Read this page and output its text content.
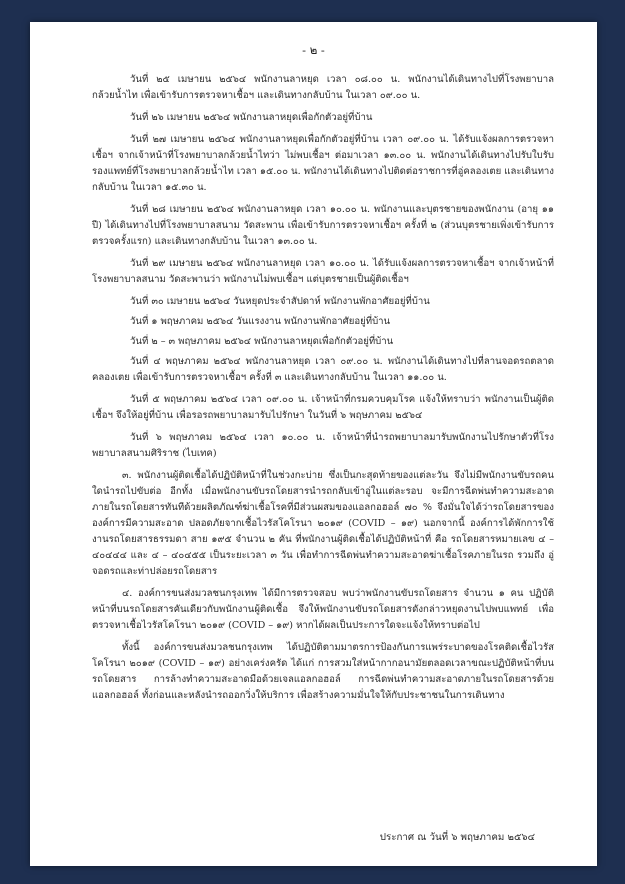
- ๒ -

วันที่ ๒๕ เมษายน ๒๕๖๔ พนักงานลาหยุด เวลา ๐๘.๐๐ น. พนักงานได้เดินทางไปที่โรงพยาบาลกล้วยน้ำไท เพื่อเข้ารับการตรวจหาเชื้อฯ และเดินทางกลับบ้าน ในเวลา ๐๙.๐๐ น.

วันที่ ๒๖ เมษายน ๒๕๖๔ พนักงานลาหยุดเพื่อกักตัวอยู่ที่บ้าน

วันที่ ๒๗ เมษายน ๒๕๖๔ พนักงานลาหยุดเพื่อกักตัวอยู่ที่บ้าน เวลา ๐๙.๐๐ น. ได้รับแจ้งผลการตรวจหาเชื้อฯ จากเจ้าหน้าที่โรงพยาบาลกล้วยน้ำไทว่า ไม่พบเชื้อฯ ต่อมาเวลา ๑๓.๐๐ น. พนักงานได้เดินทางไปรับใบรับรองแพทย์ที่โรงพยาบาลกล้วยน้ำไท เวลา ๑๕.๐๐ น. พนักงานได้เดินทางไปติดต่อราชการที่อู่คลองเตย และเดินทางกลับบ้าน ในเวลา ๑๕.๓๐ น.

วันที่ ๒๘ เมษายน ๒๕๖๔ พนักงานลาหยุด เวลา ๑๐.๐๐ น. พนักงานและบุตรชายของพนักงาน (อายุ ๑๑ ปี) ได้เดินทางไปที่โรงพยาบาลสนาม วัดสะพาน เพื่อเข้ารับการตรวจหาเชื้อฯ ครั้งที่ ๒ (ส่วนบุตรชายเพิ่งเข้ารับการตรวจครั้งแรก) และเดินทางกลับบ้าน ในเวลา ๑๓.๐๐ น.

วันที่ ๒๙ เมษายน ๒๕๖๔ พนักงานลาหยุด เวลา ๑๐.๐๐ น. ได้รับแจ้งผลการตรวจหาเชื้อฯ จากเจ้าหน้าที่โรงพยาบาลสนาม วัดสะพานว่า พนักงานไม่พบเชื้อฯ แต่บุตรชายเป็นผู้ติดเชื้อฯ

วันที่ ๓๐ เมษายน ๒๕๖๔ วันหยุดประจำสัปดาห์ พนักงานพักอาศัยอยู่ที่บ้าน

วันที่ ๑ พฤษภาคม ๒๕๖๔ วันแรงงาน พนักงานพักอาศัยอยู่ที่บ้าน

วันที่ ๒ – ๓ พฤษภาคม ๒๕๖๔ พนักงานลาหยุดเพื่อกักตัวอยู่ที่บ้าน

วันที่ ๔ พฤษภาคม ๒๕๖๔ พนักงานลาหยุด เวลา ๐๙.๐๐ น. พนักงานได้เดินทางไปที่ลานจอดรถตลาดคลองเตย เพื่อเข้ารับการตรวจหาเชื้อฯ ครั้งที่ ๓ และเดินทางกลับบ้าน ในเวลา ๑๑.๐๐ น.

วันที่ ๕ พฤษภาคม ๒๕๖๔ เวลา ๐๙.๐๐ น. เจ้าหน้าที่กรมควบคุมโรค แจ้งให้ทราบว่า พนักงานเป็นผู้ติดเชื้อฯ จึงให้อยู่ที่บ้าน เพื่อรอรถพยาบาลมารับไปรักษา ในวันที่ ๖ พฤษภาคม ๒๕๖๔

วันที่ ๖ พฤษภาคม ๒๕๖๔ เวลา ๑๐.๐๐ น. เจ้าหน้าที่นำรถพยาบาลมารับพนักงานไปรักษาตัวที่โรงพยาบาลสนามศิริราช (ไบเทค)

๓. พนักงานผู้ติดเชื้อได้ปฏิบัติหน้าที่ในช่วงกะบ่าย ซึ่งเป็นกะสุดท้ายของแต่ละวัน จึงไม่มีพนักงานขับรถคนใดนำรถไปขับต่อ อีกทั้ง เมื่อพนักงานขับรถโดยสารนำรถกลับเข้าอู่ในแต่ละรอบ จะมีการฉีดพ่นทำความสะอาดภายในรถโดยสารทันทีด้วยผลิตภัณฑ์ฆ่าเชื้อโรคที่มีส่วนผสมของแอลกอฮอล์ ๗๐ % จึงมั่นใจได้ว่ารถโดยสารขององค์การมีความสะอาด ปลอดภัยจากเชื้อไวรัสโคโรนา ๒๐๑๙ (COVID – ๑๙) นอกจากนี้ องค์การได้พักการใช้งานรถโดยสารธรรมดา สาย ๑๙๕ จำนวน ๒ คัน ที่พนักงานผู้ติดเชื้อได้ปฏิบัติหน้าที่ คือ รถโดยสารหมายเลข ๔ – ๔๐๔๔๔ และ ๔ – ๔๐๔๕๕ เป็นระยะเวลา ๓ วัน เพื่อทำการฉีดพ่นทำความสะอาดฆ่าเชื้อโรคภายในรถ รวมถึง อู่จอดรถและท่าปล่อยรถโดยสาร

๔. องค์การขนส่งมวลชนกรุงเทพ ได้มีการตรวจสอบ พบว่าพนักงานขับรถโดยสาร จำนวน ๑ คน ปฏิบัติหน้าที่บนรถโดยสารคันเดียวกับพนักงานผู้ติดเชื้อ จึงให้พนักงานขับรถโดยสารดังกล่าวหยุดงานไปพบแพทย์ เพื่อตรวจหาเชื้อไวรัสโคโรนา ๒๐๑๙ (COVID – ๑๙) หากได้ผลเป็นประการใดจะแจ้งให้ทราบต่อไป

ทั้งนี้ องค์การขนส่งมวลชนกรุงเทพ ได้ปฏิบัติตามมาตรการป้องกันการแพร่ระบาดของโรคติดเชื้อไวรัสโคโรนา ๒๐๑๙ (COVID – ๑๙) อย่างเคร่งครัด ได้แก่ การสวมใส่หน้ากากอนามัยตลอดเวลาขณะปฏิบัติหน้าที่บนรถโดยสาร การล้างทำความสะอาดมือด้วยเจลแอลกอฮอล์ การฉีดพ่นทำความสะอาดภายในรถโดยสารด้วยแอลกอฮอล์ ทั้งก่อนและหลังนำรถออกวิ่งให้บริการ เพื่อสร้างความมั่นใจให้กับประชาชนในการเดินทาง

ประกาศ ณ วันที่ ๖ พฤษภาคม ๒๕๖๔
